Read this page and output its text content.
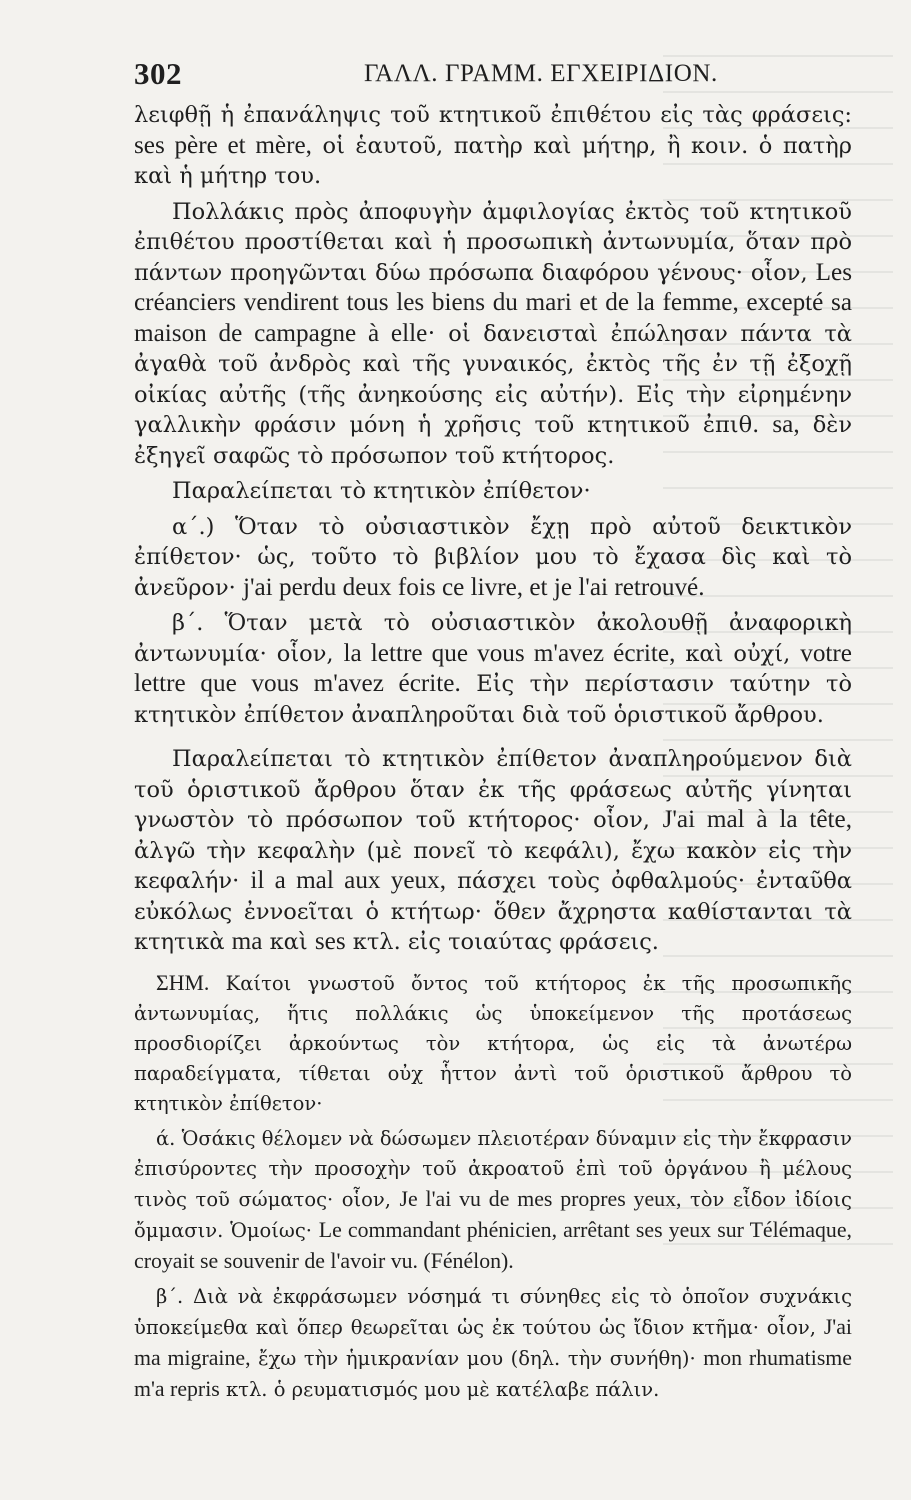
302	ΓΑΛΛ. ΓΡΑΜΜ. ΕΓΧΕΙΡΙΔΙΟΝ.

λειφθῇ ἡ ἐπανάληψις τοῦ κτητικοῦ ἐπιθέτου εἰς τὰς φράσεις: ses père et mère, οἱ ἑαυτοῦ, πατὴρ καὶ μήτηρ, ἢ κοιν. ὁ πατὴρ καὶ ἡ μήτηρ του.

Πολλάκις πρὸς ἀποφυγὴν ἀμφιλογίας ἐκτὸς τοῦ κτητικοῦ ἐπιθέτου προστίθεται καὶ ἡ προσωπικὴ ἀντωνυμία, ὅταν πρὸ πάντων προηγῶνται δύω πρόσωπα διαφόρου γένους· οἷον, Les créanciers vendirent tous les biens du mari et de la femme, excepté sa maison de campagne à elle· οἱ δανεισταὶ ἐπώλησαν πάντα τὰ ἀγαθὰ τοῦ ἀνδρὸς καὶ τῆς γυναικός, ἐκτὸς τῆς ἐν τῇ ἐξοχῇ οἰκίας αὐτῆς (τῆς ἀνηκούσης εἰς αὐτήν). Εἰς τὴν εἰρημένην γαλλικὴν φράσιν μόνη ἡ χρῆσις τοῦ κτητικοῦ ἐπιθ. sa, δὲν ἐξηγεῖ σαφῶς τὸ πρόσωπον τοῦ κτήτορος.

Παραλείπεται τὸ κτητικὸν ἐπίθετον·

α΄.) Ὅταν τὸ οὐσιαστικὸν ἔχῃ πρὸ αὐτοῦ δεικτικὸν ἐπίθετον· ὡς, τοῦτο τὸ βιβλίον μου τὸ ἔχασα δὶς καὶ τὸ ἀνεῦρον· j'ai perdu deux fois ce livre, et je l'ai retrouvé.

β΄. Ὅταν μετὰ τὸ οὐσιαστικὸν ἀκολουθῇ ἀναφορικὴ ἀντωνυμία· οἷον, la lettre que vous m'avez écrite, καὶ οὐχί, votre lettre que vous m'avez écrite. Εἰς τὴν περίστασιν ταύτην τὸ κτητικὸν ἐπίθετον ἀναπληροῦται διὰ τοῦ ὁριστικοῦ ἄρθρου.

Παραλείπεται τὸ κτητικὸν ἐπίθετον ἀναπληρούμενον διὰ τοῦ ὁριστικοῦ ἄρθρου ὅταν ἐκ τῆς φράσεως αὐτῆς γίνηται γνωστὸν τὸ πρόσωπον τοῦ κτήτορος· οἷον, J'ai mal à la tête, ἀλγῶ τὴν κεφαλὴν (μὲ πονεῖ τὸ κεφάλι), ἔχω κακὸν εἰς τὴν κεφαλήν· il a mal aux yeux, πάσχει τοὺς ὀφθαλμούς· ἐνταῦθα εὐκόλως ἐννοεῖται ὁ κτήτωρ· ὅθεν ἄχρηστα καθίστανται τὰ κτητικὰ ma καὶ ses κτλ. εἰς τοιαύτας φράσεις.

ΣΗΜ. Καίτοι γνωστοῦ ὄντος τοῦ κτήτορος ἐκ τῆς προσωπικῆς ἀντωνυμίας, ἥτις πολλάκις ὡς ὑποκείμενον τῆς προτάσεως προσδιορίζει ἀρκούντως τὸν κτήτορα, ὡς εἰς τὰ ἀνωτέρω παραδείγματα, τίθεται οὐχ ἧττον ἀντὶ τοῦ ὁριστικοῦ ἄρθρου τὸ κτητικὸν ἐπίθετον·

ά. Ὁσάκις θέλομεν νὰ δώσωμεν πλειοτέραν δύναμιν εἰς τὴν ἔκφρασιν ἐπισύροντες τὴν προσοχὴν τοῦ ἀκροατοῦ ἐπὶ τοῦ ὀργάνου ἢ μέλους τινὸς τοῦ σώματος· οἷον, Je l'ai vu de mes propres yeux, τὸν εἶδον ἰδίοις ὄμμασιν. Ὁμοίως· Le commandant phénicien, arrêtant ses yeux sur Télémaque, croyait se souvenir de l'avoir vu. (Fénélon).

β΄. Διὰ νὰ ἐκφράσωμεν νόσημά τι σύνηθες εἰς τὸ ὁποῖον συχνάκις ὑποκείμεθα καὶ ὅπερ θεωρεῖται ὡς ἐκ τούτου ὡς ἴδιον κτῆμα· οἷον, J'ai ma migraine, ἔχω τὴν ἡμικρανίαν μου (δηλ. τὴν συνήθη)· mon rhumatisme m'a repris κτλ. ὁ ρευματισμός μου μὲ κατέλαβε πάλιν.
